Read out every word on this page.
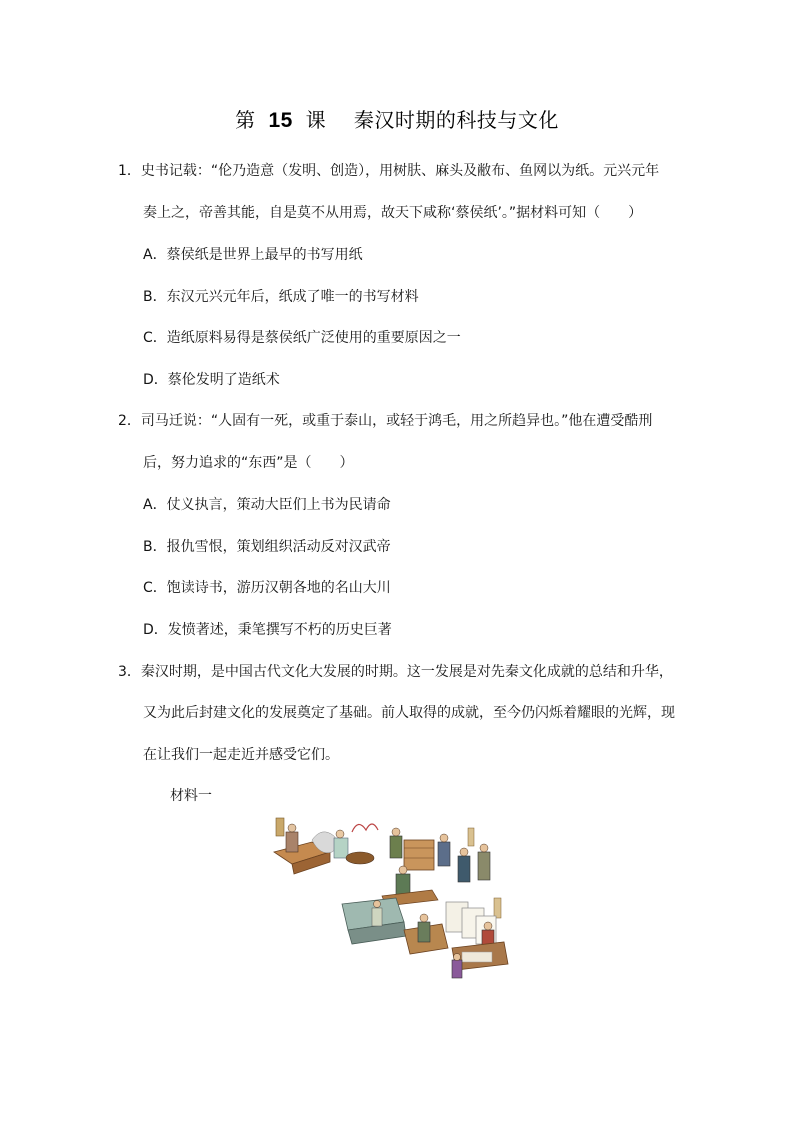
第 15 课 秦汉时期的科技与文化
1．史书记载：“伦乃造意（发明、创造），用树肤、麻头及敝布、鱼网以为纸。元兴元年
奏上之，帝善其能，自是莫不从用焉，故天下咸称‘蔡侯纸’。”据材料可知（　　）
A．蔡侯纸是世界上最早的书写用纸
B．东汉元兴元年后，纸成了唯一的书写材料
C．造纸原料易得是蔡侯纸广泛使用的重要原因之一
D．蔡伦发明了造纸术
2．司马迁说：“人固有一死，或重于泰山，或轻于鸿毛，用之所趋异也。”他在遭受酷刑
后，努力追求的“东西”是（　　）
A．仗义执言，策动大臣们上书为民请命
B．报仇雪恨，策划组织活动反对汉武帝
C．饱读诗书，游历汉朝各地的名山大川
D．发愤著述，秉笔撰写不朽的历史巨著
3．秦汉时期，是中国古代文化大发展的时期。这一发展是对先秦文化成就的总结和升华，
又为此后封建文化的发展奠定了基础。前人取得的成就，至今仍闪烁着耀眼的光辉，现
在让我们一起走近并感受它们。
材料一
